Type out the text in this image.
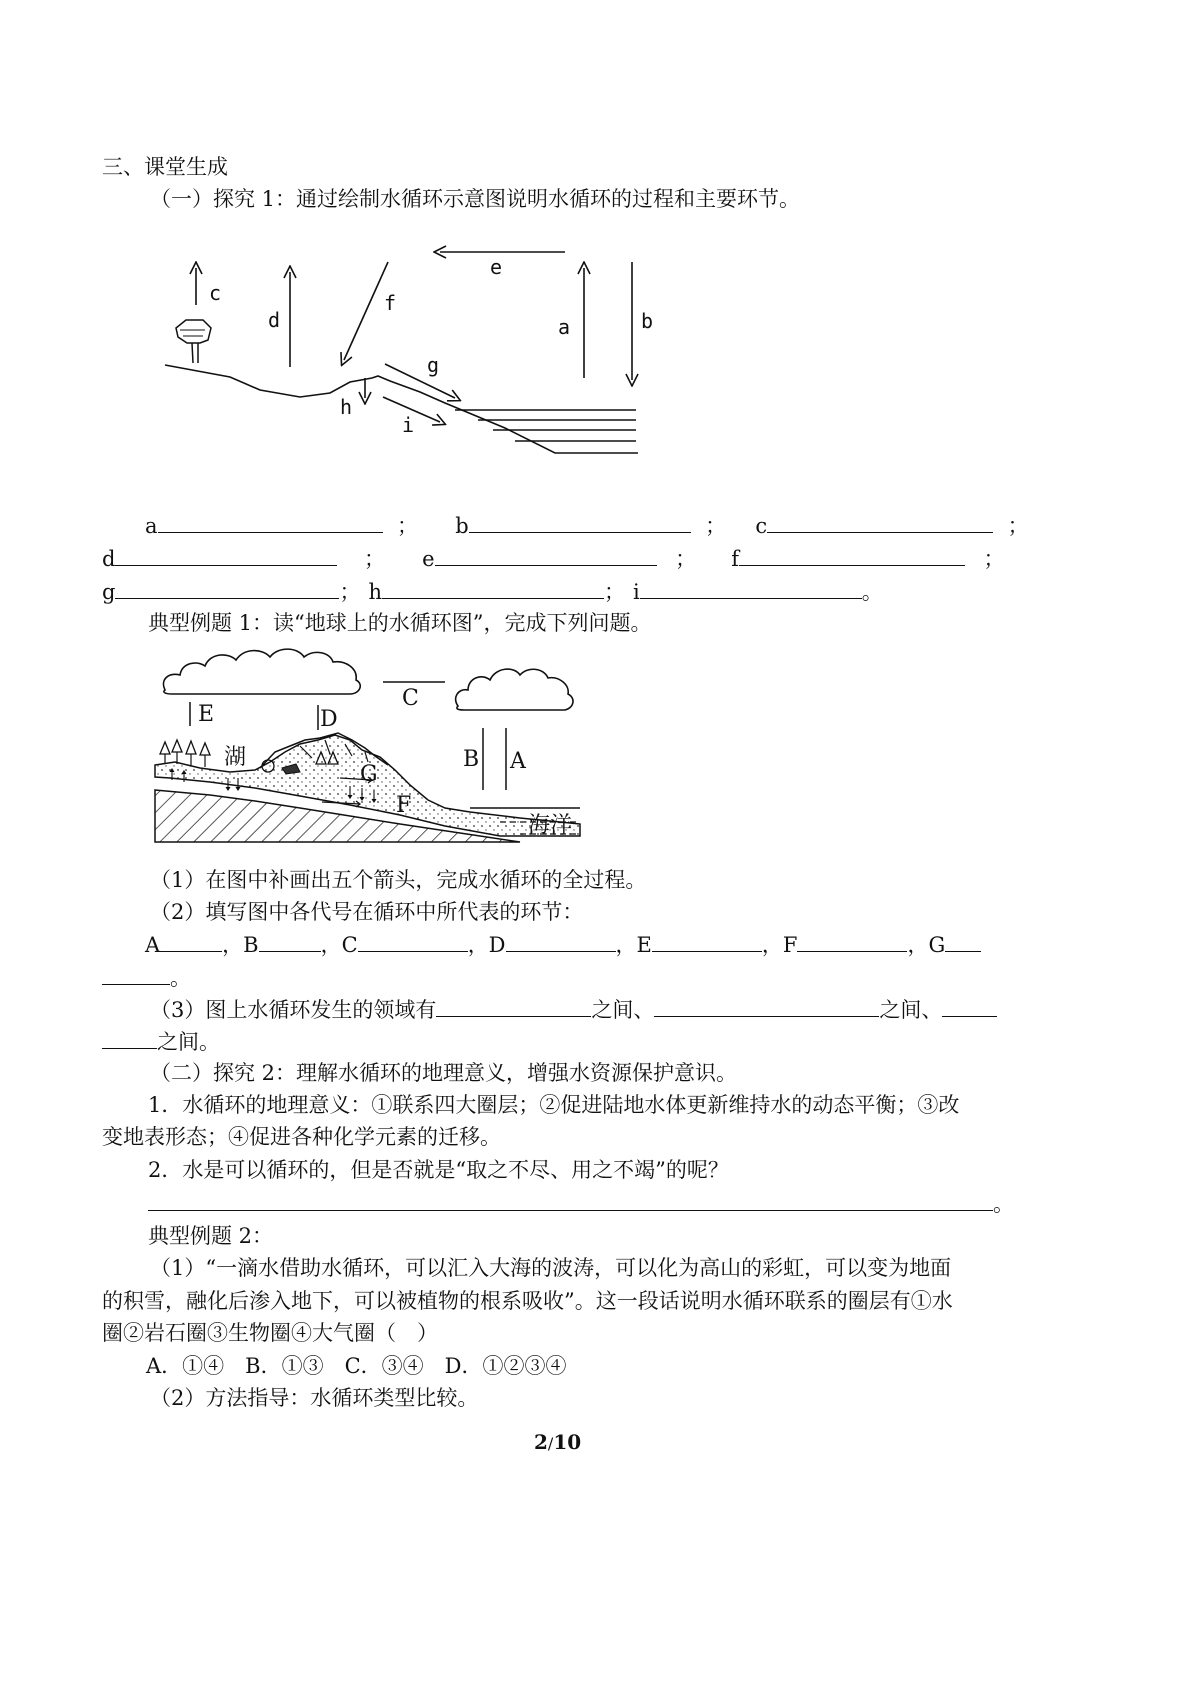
三、课堂生成
（一）探究 1：通过绘制水循环示意图说明水循环的过程和主要环节。
c
d
f
e
a	b
g
h
i
a	； b	； c	；
d	； e	； f	；
g	； h	； i	。
典型例题 1：读“地球上的水循环图”，完成下列问题。
E	D
C
B A
G
F
湖
海洋
（1）在图中补画出五个箭头，完成水循环的全过程。
（2）填写图中各代号在循环中所代表的环节：
A	，B	，C	，D	，E	，F	，G
。
（3）图上水循环发生的领域有	之间、	之间、
之间。
（二）探究 2：理解水循环的地理意义，增强水资源保护意识。
1．水循环的地理意义：①联系四大圈层；②促进陆地水体更新维持水的动态平衡；③改
变地表形态；④促进各种化学元素的迁移。
2．水是可以循环的，但是否就是“取之不尽、用之不竭”的呢？
。
典型例题 2：
（1）“一滴水借助水循环，可以汇入大海的波涛，可以化为高山的彩虹，可以变为地面
的积雪，融化后渗入地下，可以被植物的根系吸收”。这一段话说明水循环联系的圈层有①水
圈②岩石圈③生物圈④大气圈（　）
A．①④　B．①③　C．③④　D．①②③④
（2）方法指导：水循环类型比较。
2/10
